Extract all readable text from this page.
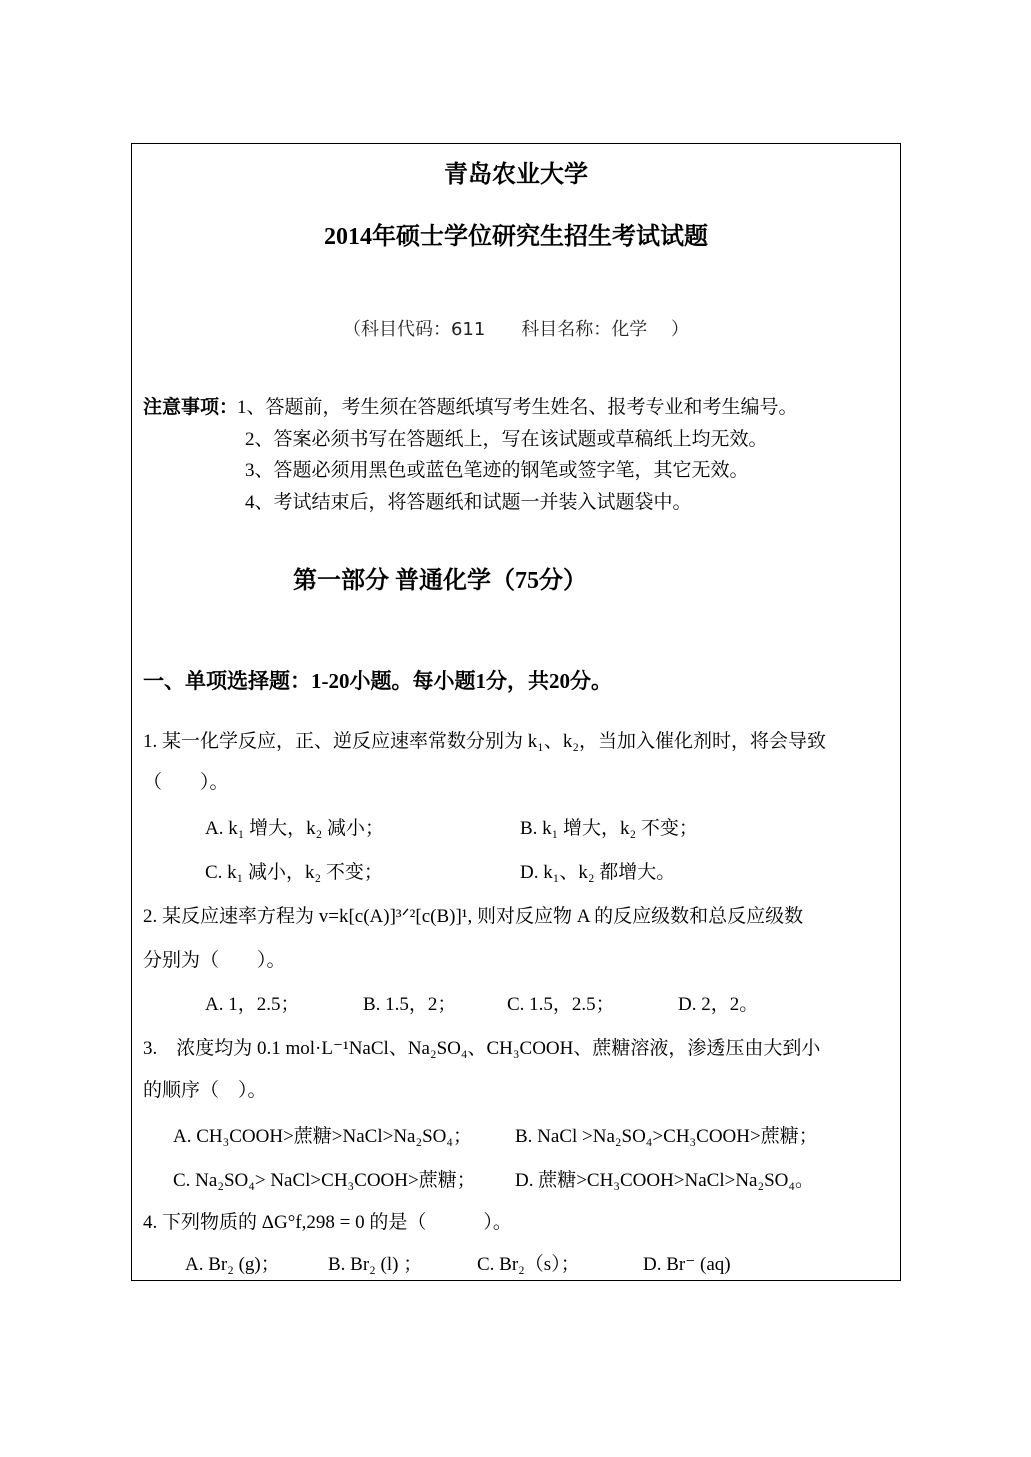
青岛农业大学
2014年硕士学位研究生招生考试试题
（科目代码：611　　科目名称：化学　 ）
注意事项：
1、答题前，考生须在答题纸填写考生姓名、报考专业和考生编号。
2、答案必须书写在答题纸上，写在该试题或草稿纸上均无效。
3、答题必须用黑色或蓝色笔迹的钢笔或签字笔，其它无效。
4、考试结束后，将答题纸和试题一并装入试题袋中。
第一部分 普通化学（75分）
一、单项选择题：1-20小题。每小题1分，共20分。
1. 某一化学反应，正、逆反应速率常数分别为 k₁、k₂，当加入催化剂时，将会导致
（　　）。
A. k₁ 增大，k₂ 减小；	B. k₁ 增大，k₂ 不变；
C. k₁ 减小，k₂ 不变；	D. k₁、k₂ 都增大。
2. 某反应速率方程为 v=k[c(A)]³ᐟ²[c(B)]¹, 则对反应物 A 的反应级数和总反应级数
分别为（　　）。
A. 1，2.5；	B. 1.5，2；	C. 1.5，2.5；	D. 2，2。
3.　浓度均为 0.1 mol·L⁻¹NaCl、Na₂SO₄、CH₃COOH、蔗糖溶液，渗透压由大到小
的顺序（　）。
A. CH₃COOH>蔗糖>NaCl>Na₂SO₄； B. NaCl >Na₂SO₄>CH₃COOH>蔗糖；
C. Na₂SO₄> NaCl>CH₃COOH>蔗糖； D. 蔗糖>CH₃COOH>NaCl>Na₂SO₄。
4. 下列物质的 ΔG°f,298 = 0 的是（　　　）。
A. Br₂ (g)；	B. Br₂ (l) ；	C. Br₂（s）；	D. Br⁻ (aq)
